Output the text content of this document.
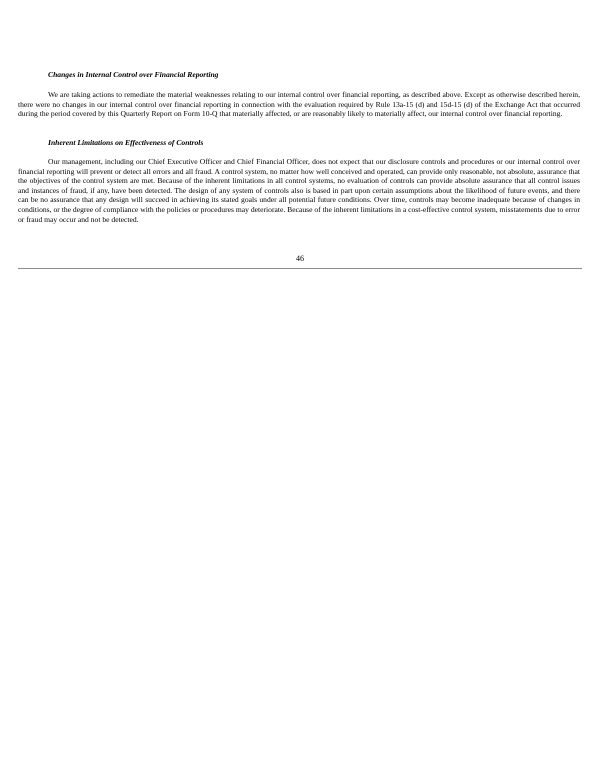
Changes in Internal Control over Financial Reporting
We are taking actions to remediate the material weaknesses relating to our internal control over financial reporting, as described above. Except as otherwise described herein, there were no changes in our internal control over financial reporting in connection with the evaluation required by Rule 13a-15 (d) and 15d-15 (d) of the Exchange Act that occurred during the period covered by this Quarterly Report on Form 10-Q that materially affected, or are reasonably likely to materially affect, our internal control over financial reporting.
Inherent Limitations on Effectiveness of Controls
Our management, including our Chief Executive Officer and Chief Financial Officer, does not expect that our disclosure controls and procedures or our internal control over financial reporting will prevent or detect all errors and all fraud. A control system, no matter how well conceived and operated, can provide only reasonable, not absolute, assurance that the objectives of the control system are met. Because of the inherent limitations in all control systems, no evaluation of controls can provide absolute assurance that all control issues and instances of fraud, if any, have been detected. The design of any system of controls also is based in part upon certain assumptions about the likelihood of future events, and there can be no assurance that any design will succeed in achieving its stated goals under all potential future conditions. Over time, controls may become inadequate because of changes in conditions, or the degree of compliance with the policies or procedures may deteriorate. Because of the inherent limitations in a cost-effective control system, misstatements due to error or fraud may occur and not be detected.
46
